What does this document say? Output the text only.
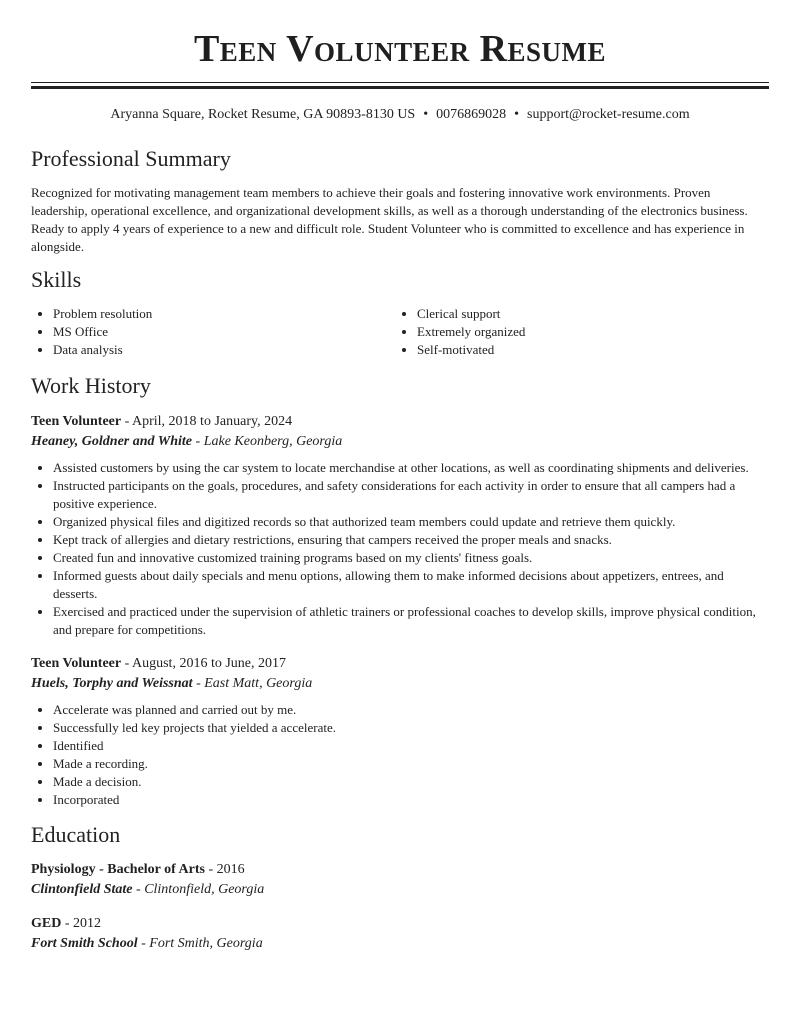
Teen Volunteer Resume
Aryanna Square, Rocket Resume, GA 90893-8130 US • 0076869028 • support@rocket-resume.com
Professional Summary
Recognized for motivating management team members to achieve their goals and fostering innovative work environments. Proven leadership, operational excellence, and organizational development skills, as well as a thorough understanding of the electronics business. Ready to apply 4 years of experience to a new and difficult role. Student Volunteer who is committed to excellence and has experience in alongside.
Skills
• Problem resolution
• MS Office
• Data analysis
• Clerical support
• Extremely organized
• Self-motivated
Work History
Teen Volunteer - April, 2018 to January, 2024
Heaney, Goldner and White - Lake Keonberg, Georgia
• Assisted customers by using the car system to locate merchandise at other locations, as well as coordinating shipments and deliveries.
• Instructed participants on the goals, procedures, and safety considerations for each activity in order to ensure that all campers had a positive experience.
• Organized physical files and digitized records so that authorized team members could update and retrieve them quickly.
• Kept track of allergies and dietary restrictions, ensuring that campers received the proper meals and snacks.
• Created fun and innovative customized training programs based on my clients' fitness goals.
• Informed guests about daily specials and menu options, allowing them to make informed decisions about appetizers, entrees, and desserts.
• Exercised and practiced under the supervision of athletic trainers or professional coaches to develop skills, improve physical condition, and prepare for competitions.
Teen Volunteer - August, 2016 to June, 2017
Huels, Torphy and Weissnat - East Matt, Georgia
• Accelerate was planned and carried out by me.
• Successfully led key projects that yielded a accelerate.
• Identified
• Made a recording.
• Made a decision.
• Incorporated
Education
Physiology - Bachelor of Arts - 2016
Clintonfield State - Clintonfield, Georgia
GED - 2012
Fort Smith School - Fort Smith, Georgia
